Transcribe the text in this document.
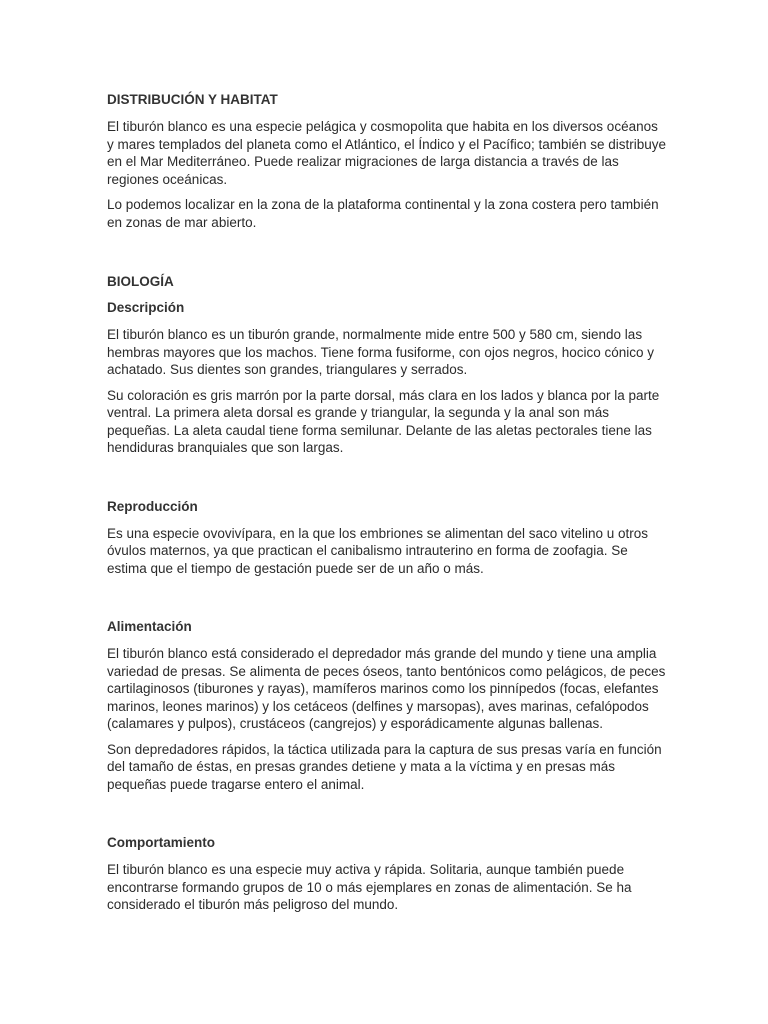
DISTRIBUCIÓN Y HABITAT

El tiburón blanco es una especie pelágica y cosmopolita que habita en los diversos océanos y mares templados del planeta como el Atlántico, el Índico y el Pacífico; también se distribuye en el Mar Mediterráneo. Puede realizar migraciones de larga distancia a través de las regiones oceánicas.

Lo podemos localizar en la zona de la plataforma continental y la zona costera pero también en zonas de mar abierto.

BIOLOGÍA
Descripción

El tiburón blanco es un tiburón grande, normalmente mide entre 500 y 580 cm, siendo las hembras mayores que los machos. Tiene forma fusiforme, con ojos negros, hocico cónico y achatado. Sus dientes son grandes, triangulares y serrados.

Su coloración es gris marrón por la parte dorsal, más clara en los lados y blanca por la parte ventral. La primera aleta dorsal es grande y triangular, la segunda y la anal son más pequeñas. La aleta caudal tiene forma semilunar. Delante de las aletas pectorales tiene las hendiduras branquiales que son largas.

Reproducción

Es una especie ovovivípara, en la que los embriones se alimentan del saco vitelino u otros óvulos maternos, ya que practican el canibalismo intrauterino en forma de zoofagia. Se estima que el tiempo de gestación puede ser de un año o más.

Alimentación

El tiburón blanco está considerado el depredador más grande del mundo y tiene una amplia variedad de presas. Se alimenta de peces óseos, tanto bentónicos como pelágicos, de peces cartilaginosos (tiburones y rayas), mamíferos marinos como los pinnípedos (focas, elefantes marinos, leones marinos) y los cetáceos (delfines y marsopas), aves marinas, cefalópodos (calamares y pulpos), crustáceos (cangrejos) y esporádicamente algunas ballenas.

Son depredadores rápidos, la táctica utilizada para la captura de sus presas varía en función del tamaño de éstas, en presas grandes detiene y mata a la víctima y en presas más pequeñas puede tragarse entero el animal.

Comportamiento

El tiburón blanco es una especie muy activa y rápida. Solitaria, aunque también puede encontrarse formando grupos de 10 o más ejemplares en zonas de alimentación. Se ha considerado el tiburón más peligroso del mundo.
